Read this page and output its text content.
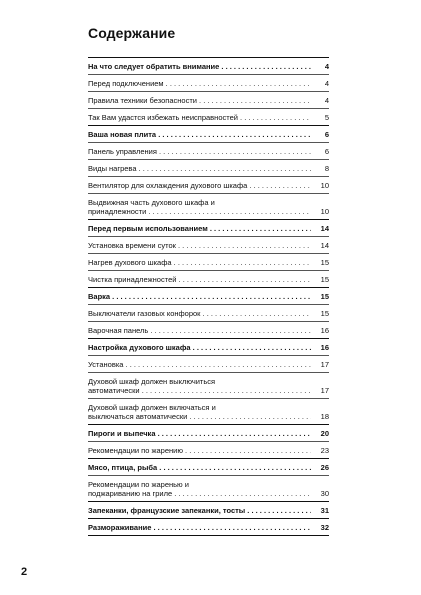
Содержание
На что следует обратить внимание . . .	4
Перед подключением . . .	4
Правила техники безопасности . . .	4
Так Вам удастся избежать неисправностей . . .	5
Ваша новая плита . . .	6
Панель управления . . .	6
Виды нагрева . . .	8
Вентилятор для охлаждения духового шкафа . . .	10
Выдвижная часть духового шкафа и
принадлежности . . .	10
Перед первым использованием . . .	14
Установка времени суток . . .	14
Нагрев духового шкафа . . .	15
Чистка принадлежностей . . .	15
Варка . . .	15
Выключатели газовых конфорок . . .	15
Варочная панель . . .	16
Настройка духового шкафа . . .	16
Установка . . .	17
Духовой шкаф должен выключиться
автоматически . . .	17
Духовой шкаф должен включаться и
выключаться автоматически . . .	18
Пироги и выпечка . . .	20
Рекомендации по жарению . . .	23
Мясо, птица, рыба . . .	26
Рекомендации по жаренью и
поджариванию на гриле . . .	30
Запеканки, французские запеканки, тосты . . .	31
Размораживание . . .	32
2
